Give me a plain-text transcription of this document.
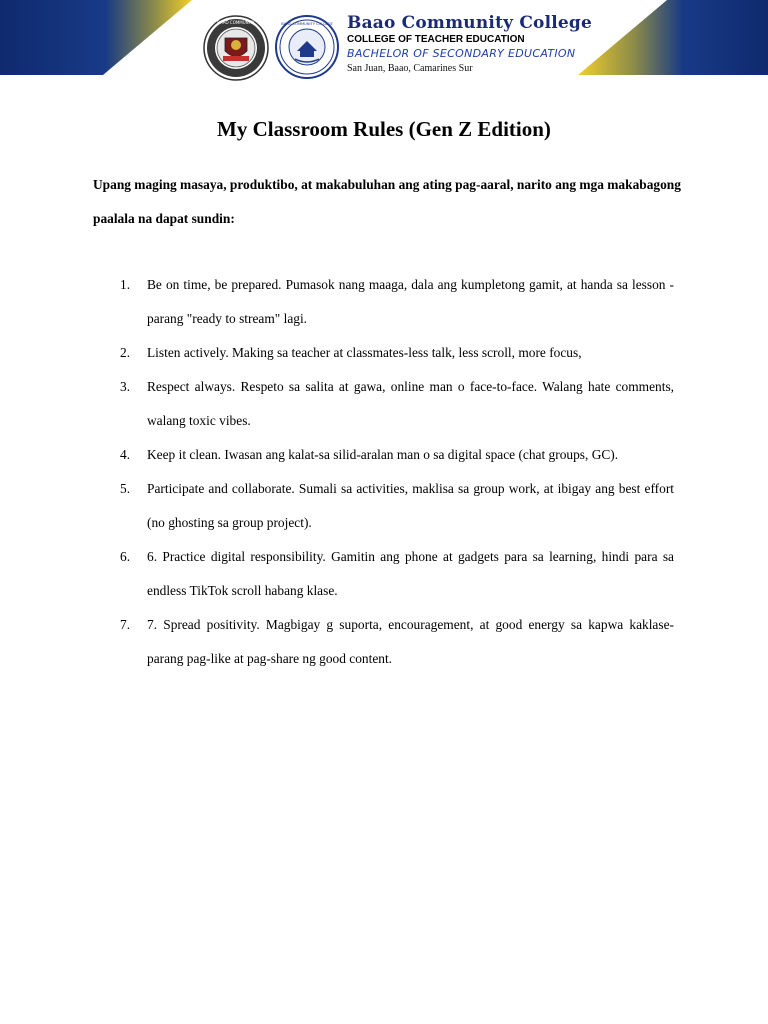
BAAO COMMUNITY	BAAO COMMUNITY COLLEGE Baao Community College
COLLEGE OF TEACHER EDUCATION
BACHELOR OF SECONDARY EDUCATION
San Juan, Baao, Camarines Sur
My Classroom Rules (Gen Z Edition)
Upang maging masaya, produktibo, at makabuluhan ang ating pag-aaral, narito ang mga makabagong paalala na dapat sundin:
1. Be on time, be prepared. Pumasok nang maaga, dala ang kumpletong gamit, at handa sa lesson - parang "ready to stream" lagi.
2. Listen actively. Making sa teacher at classmates-less talk, less scroll, more focus,
3. Respect always. Respeto sa salita at gawa, online man o face-to-face. Walang hate comments, walang toxic vibes.
4. Keep it clean. Iwasan ang kalat-sa silid-aralan man o sa digital space (chat groups, GC).
5. Participate and collaborate. Sumali sa activities, maklisa sa group work, at ibigay ang best effort (no ghosting sa group project).
6. 6. Practice digital responsibility. Gamitin ang phone at gadgets para sa learning, hindi para sa endless TikTok scroll habang klase.
7. 7. Spread positivity. Magbigay g suporta, encouragement, at good energy sa kapwa kaklase-parang pag-like at pag-share ng good content.
